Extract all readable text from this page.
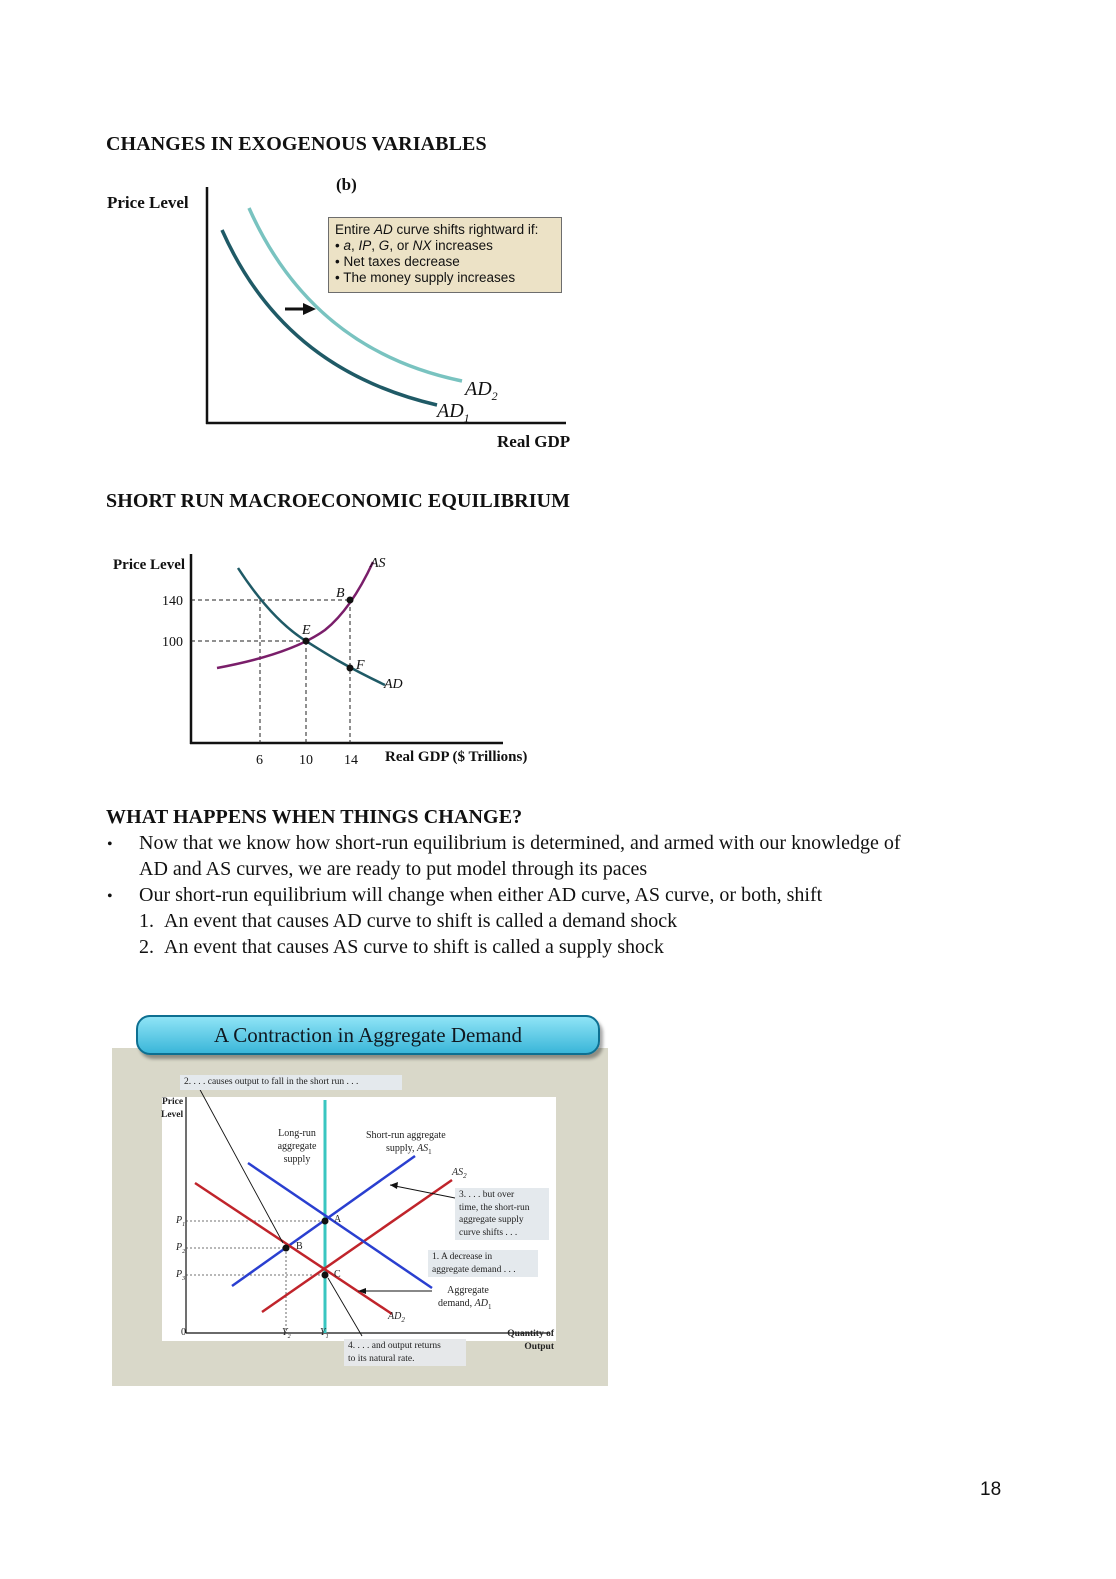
CHANGES IN EXOGENOUS VARIABLES
(b)
Price Level
Real GDP
$AD_2$
$AD_1$
Entire AD curve shifts rightward if:
• a, IP, G, or NX increases
• Net taxes decrease
• The money supply increases
SHORT RUN MACROECONOMIC EQUILIBRIUM
Price Level
Real GDP ($ Trillions)
140
100
6	10 14
B
E
F
AS
AD
WHAT HAPPENS WHEN THINGS CHANGE?
• Now that we know how short-run equilibrium is determined, and armed with our knowledge of
AD and AS curves, we are ready to put model through its paces
• Our short-run equilibrium will change when either AD curve, AS curve, or both, shift
1. An event that causes AD curve to shift is called a demand shock
2. An event that causes AS curve to shift is called a supply shock
A Contraction in Aggregate Demand
2. . . . causes output to fall in the short run . . .
Price
Level
Long-run
aggregate
supply
Short-run aggregate
supply, $AS_1$
$AS_2$
3. . . . but over
time, the short-run
aggregate supply
curve shifts . . .
1. A decrease in
aggregate demand . . .
Aggregate
demand, $AD_1$
$AD_2$
4. . . . and output returns
to its natural rate.
Quantity of
Output
$P_1$
$P_2$
$P_3$
$Y_2$	$Y_1$
0
A
B
C
18
